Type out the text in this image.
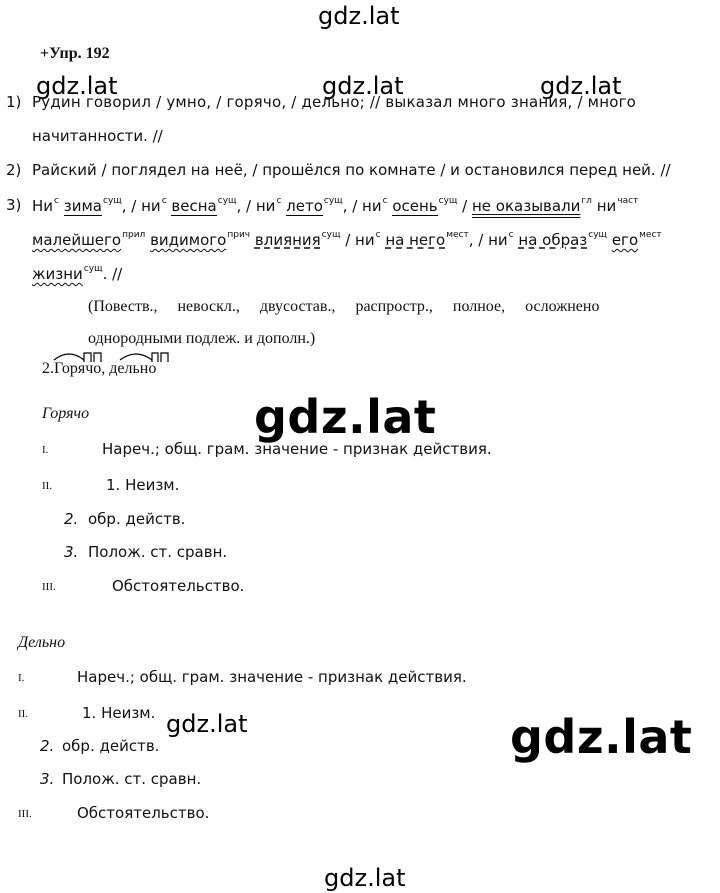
gdz.lat
gdz.lat	gdz.lat	gdz.lat
gdz.lat
gdz.lat	gdz.lat
gdz.lat
+Упр. 192
1) Рудин говорил / умно, / горячо, / дельно; // выказал много знания, / много
начитанности. //
2) Райский / поглядел на неё, / прошёлся по комнате / и остановился перед ней. //
3) $Ни^с$ зима$^{сущ}$, / $ни^с$ весна$^{сущ}$, / $ни^с$ лето$^{сущ}$, / $ни^с$ осень$^{сущ}$ / не оказывали$^{гл}$ $ни^{част}$
малейшего$^{прил}$ видимого$^{прич}$ влияния$^{сущ}$ / $ни^с$ на него$^{мест}$, / $ни^с$ на образ$^{сущ}$ его$^{мест}$
жизни$^{сущ}$. //
(Повеств.,     невоскл.,     двусостав.,     распростр.,     полное,     осложнено
однородными подлеж. и дополн.)
2.Горячо, дельно
Горячо
I.	Нареч.; общ. грам. значение - признак действия.
II.	1. Неизм.
2. обр. действ.
3. Полож. ст. сравн.
III.	Обстоятельство.
Дельно
I.	Нареч.; общ. грам. значение - признак действия.
II.	1. Неизм.
2. обр. действ.
3. Полож. ст. сравн.
III.	Обстоятельство.
